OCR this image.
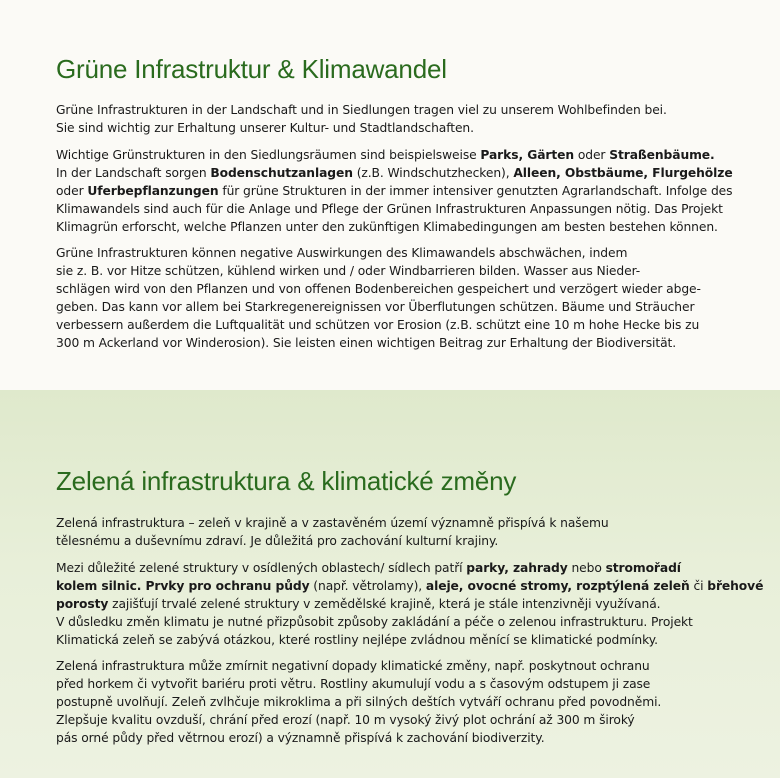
Grüne Infrastruktur & Klimawandel
Grüne Infrastrukturen in der Landschaft und in Siedlungen tragen viel zu unserem Wohlbefinden bei.
Sie sind wichtig zur Erhaltung unserer Kultur- und Stadtlandschaften.
Wichtige Grünstrukturen in den Siedlungsräumen sind beispielsweise Parks, Gärten oder Straßenbäume.
In der Landschaft sorgen Bodenschutzanlagen (z.B. Windschutzhecken), Alleen, Obstbäume, Flurgehölze
oder Uferbepflanzungen für grüne Strukturen in der immer intensiver genutzten Agrarlandschaft. Infolge des
Klimawandels sind auch für die Anlage und Pflege der Grünen Infrastrukturen Anpassungen nötig. Das Projekt
Klimagrün erforscht, welche Pflanzen unter den zukünftigen Klimabedingungen am besten bestehen können.
Grüne Infrastrukturen können negative Auswirkungen des Klimawandels abschwächen, indem
sie z. B. vor Hitze schützen, kühlend wirken und / oder Windbarrieren bilden. Wasser aus Nieder-
schlägen wird von den Pflanzen und von offenen Bodenbereichen gespeichert und verzögert wieder abge-
geben. Das kann vor allem bei Starkregenereignissen vor Überflutungen schützen. Bäume und Sträucher
verbessern außerdem die Luftqualität und schützen vor Erosion (z.B. schützt eine 10 m hohe Hecke bis zu
300 m Ackerland vor Winderosion). Sie leisten einen wichtigen Beitrag zur Erhaltung der Biodiversität.
Zelená infrastruktura & klimatické změny
Zelená infrastruktura – zeleň v krajině a v zastavěném území významně přispívá k našemu
tělesnému a duševnímu zdraví. Je důležitá pro zachování kulturní krajiny.
Mezi důležité zelené struktury v osídlených oblastech/ sídlech patří parky, zahrady nebo stromořadí
kolem silnic. Prvky pro ochranu půdy (např. větrolamy), aleje, ovocné stromy, rozptýlená zeleň či břehové
porosty zajišťují trvalé zelené struktury v zemědělské krajině, která je stále intenzivněji využívaná.
V důsledku změn klimatu je nutné přizpůsobit způsoby zakládání a péče o zelenou infrastrukturu. Projekt
Klimatická zeleň se zabývá otázkou, které rostliny nejlépe zvládnou měnící se klimatické podmínky.
Zelená infrastruktura může zmírnit negativní dopady klimatické změny, např. poskytnout ochranu
před horkem či vytvořit bariéru proti větru. Rostliny akumulují vodu a s časovým odstupem ji zase
postupně uvolňují. Zeleň zvlhčuje mikroklima a při silných deštích vytváří ochranu před povodněmi.
Zlepšuje kvalitu ovzduší, chrání před erozí (např. 10 m vysoký živý plot ochrání až 300 m široký
pás orné půdy před větrnou erozí) a významně přispívá k zachování biodiverzity.
